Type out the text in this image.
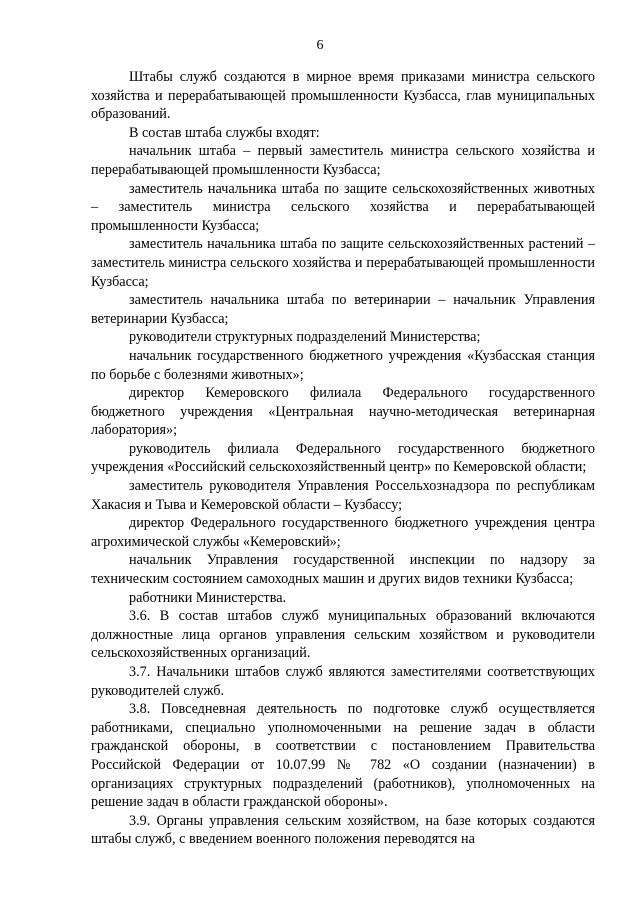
6

Штабы служб создаются в мирное время приказами министра сельского хозяйства и перерабатывающей промышленности Кузбасса, глав муниципальных образований.

В состав штаба службы входят:

начальник штаба – первый заместитель министра сельского хозяйства и перерабатывающей промышленности Кузбасса;

заместитель начальника штаба по защите сельскохозяйственных животных – заместитель министра сельского хозяйства и перерабатывающей промышленности Кузбасса;

заместитель начальника штаба по защите сельскохозяйственных растений – заместитель министра сельского хозяйства и перерабатывающей промышленности Кузбасса;

заместитель начальника штаба по ветеринарии – начальник Управления ветеринарии Кузбасса;

руководители структурных подразделений Министерства;

начальник государственного бюджетного учреждения «Кузбасская станция по борьбе с болезнями животных»;

директор Кемеровского филиала Федерального государственного бюджетного учреждения «Центральная научно-методическая ветеринарная лаборатория»;

руководитель филиала Федерального государственного бюджетного учреждения «Российский сельскохозяйственный центр» по Кемеровской области;

заместитель руководителя Управления Россельхознадзора по республикам Хакасия и Тыва и Кемеровской области – Кузбассу;

директор Федерального государственного бюджетного учреждения центра агрохимической службы «Кемеровский»;

начальник Управления государственной инспекции по надзору за техническим состоянием самоходных машин и других видов техники Кузбасса;

работники Министерства.

3.6. В состав штабов служб муниципальных образований включаются должностные лица органов управления сельским хозяйством и руководители сельскохозяйственных организаций.

3.7. Начальники штабов служб являются заместителями соответствующих руководителей служб.

3.8. Повседневная деятельность по подготовке служб осуществляется работниками, специально уполномоченными на решение задач в области гражданской обороны, в соответствии с постановлением Правительства Российской Федерации от 10.07.99 № 782 «О создании (назначении) в организациях структурных подразделений (работников), уполномоченных на решение задач в области гражданской обороны».

3.9. Органы управления сельским хозяйством, на базе которых создаются штабы служб, с введением военного положения переводятся на
